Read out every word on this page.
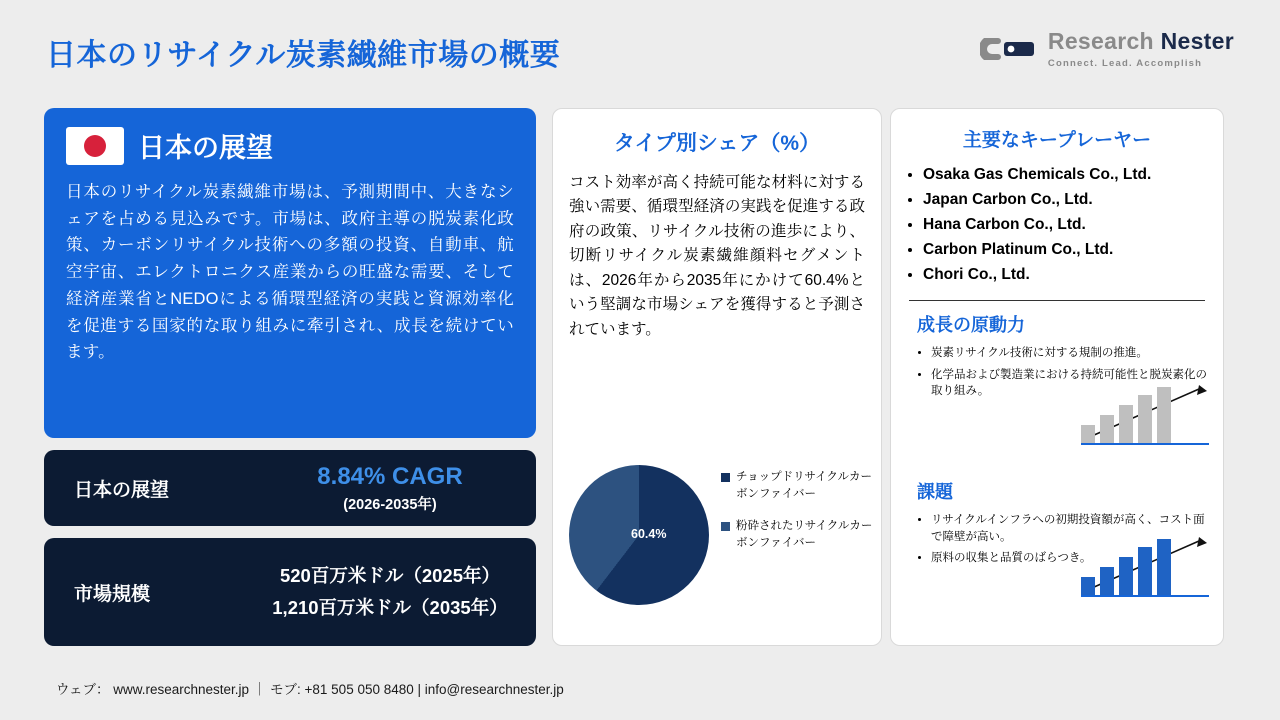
日本のリサイクル炭素繊維市場の概要	Research Nester
Connect. Lead. Accomplish
日本の展望
日本のリサイクル炭素繊維市場は、予測期間中、大きなシェアを占める見込みです。市場は、政府主導の脱炭素化政策、カーボンリサイクル技術への多額の投資、自動車、航空宇宙、エレクトロニクス産業からの旺盛な需要、そして経済産業省とNEDOによる循環型経済の実践と資源効率化を促進する国家的な取り組みに牽引され、成長を続けています。
日本の展望
8.84% CAGR
(2026-2035年)
市場規模
520百万米ドル（2025年）
1,210百万米ドル（2035年）
タイプ別シェア（%）
コスト効率が高く持続可能な材料に対する強い需要、循環型経済の実践を促進する政府の政策、リサイクル技術の進歩により、切断リサイクル炭素繊維顔料セグメントは、2026年から2035年にかけて60.4%という堅調な市場シェアを獲得すると予測されています。
60.4%
チョップドリサイクルカーボンファイバー
粉砕されたリサイクルカーボンファイバー
主要なキープレーヤー
• Osaka Gas Chemicals Co., Ltd.
• Japan Carbon Co., Ltd.
• Hana Carbon Co., Ltd.
• Carbon Platinum Co., Ltd.
• Chori Co., Ltd.
成長の原動力
• 炭素リサイクル技術に対する規制の推進。
• 化学品および製造業における持続可能性と脱炭素化の取り組み。
課題
• リサイクルインフラへの初期投資額が高く、コスト面で障壁が高い。
• 原料の収集と品質のばらつき。
ウェブ： www.researchnester.jp ｜ モブ: +81 505 050 8480 | info@researchnester.jp
